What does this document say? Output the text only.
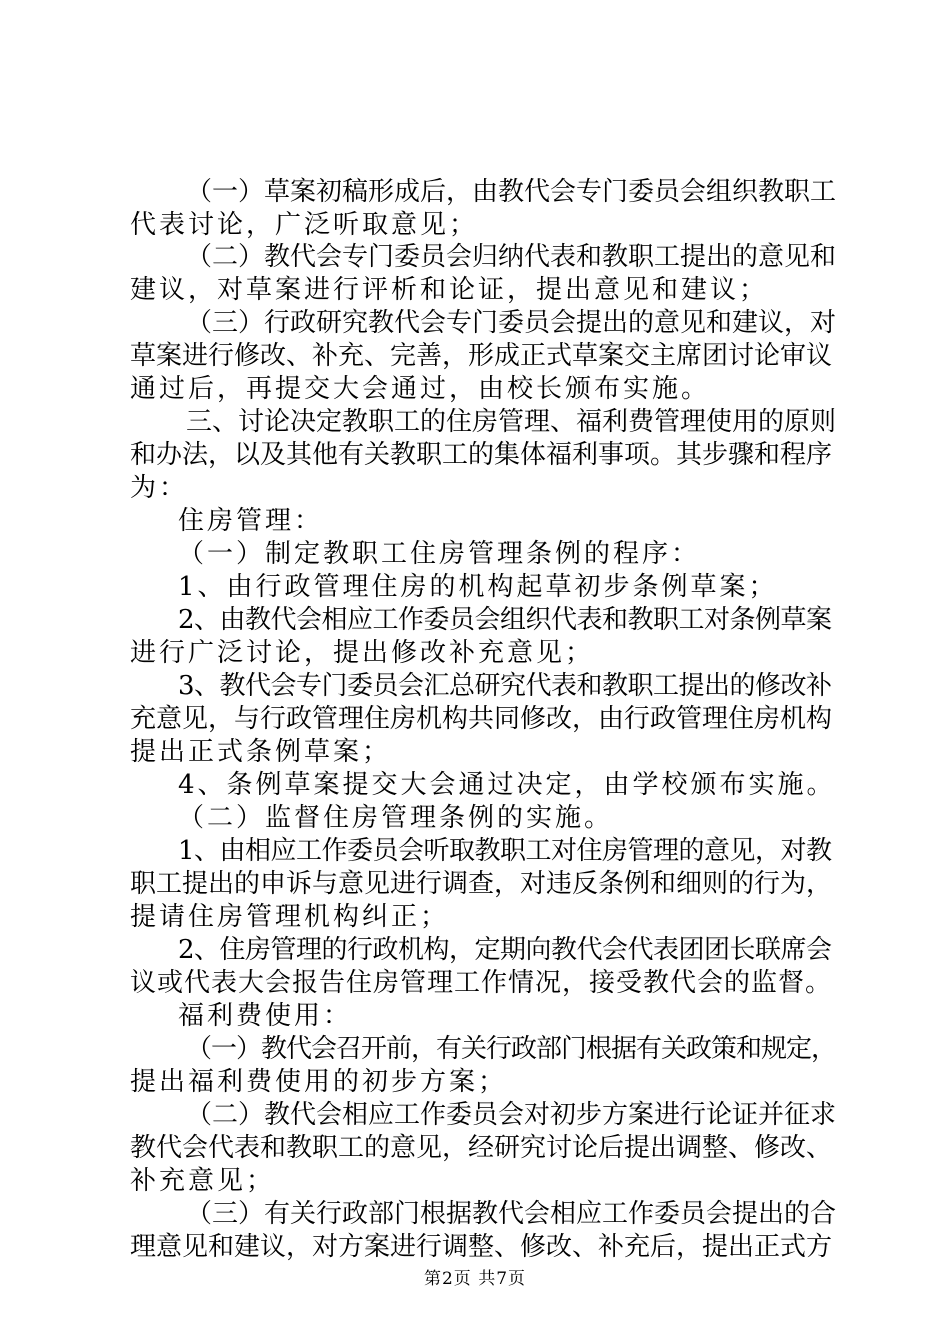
（一）草案初稿形成后，由教代会专门委员会组织教职工
代表讨论，广泛听取意见；
（二）教代会专门委员会归纳代表和教职工提出的意见和
建议，对草案进行评析和论证，提出意见和建议；
（三）行政研究教代会专门委员会提出的意见和建议，对
草案进行修改、补充、完善，形成正式草案交主席团讨论审议
通过后，再提交大会通过，由校长颁布实施。
三、讨论决定教职工的住房管理、福利费管理使用的原则
和办法，以及其他有关教职工的集体福利事项。其步骤和程序
为：
住房管理：
（一）制定教职工住房管理条例的程序：
1、由行政管理住房的机构起草初步条例草案；
2、由教代会相应工作委员会组织代表和教职工对条例草案
进行广泛讨论，提出修改补充意见；
3、教代会专门委员会汇总研究代表和教职工提出的修改补
充意见，与行政管理住房机构共同修改，由行政管理住房机构
提出正式条例草案；
4、条例草案提交大会通过决定，由学校颁布实施。
（二）监督住房管理条例的实施。
1、由相应工作委员会听取教职工对住房管理的意见，对教
职工提出的申诉与意见进行调查，对违反条例和细则的行为，
提请住房管理机构纠正；
2、住房管理的行政机构，定期向教代会代表团团长联席会
议或代表大会报告住房管理工作情况，接受教代会的监督。
福利费使用：
（一）教代会召开前，有关行政部门根据有关政策和规定，
提出福利费使用的初步方案；
（二）教代会相应工作委员会对初步方案进行论证并征求
教代会代表和教职工的意见，经研究讨论后提出调整、修改、
补充意见；
（三）有关行政部门根据教代会相应工作委员会提出的合
理意见和建议，对方案进行调整、修改、补充后，提出正式方
第2页 共7页
